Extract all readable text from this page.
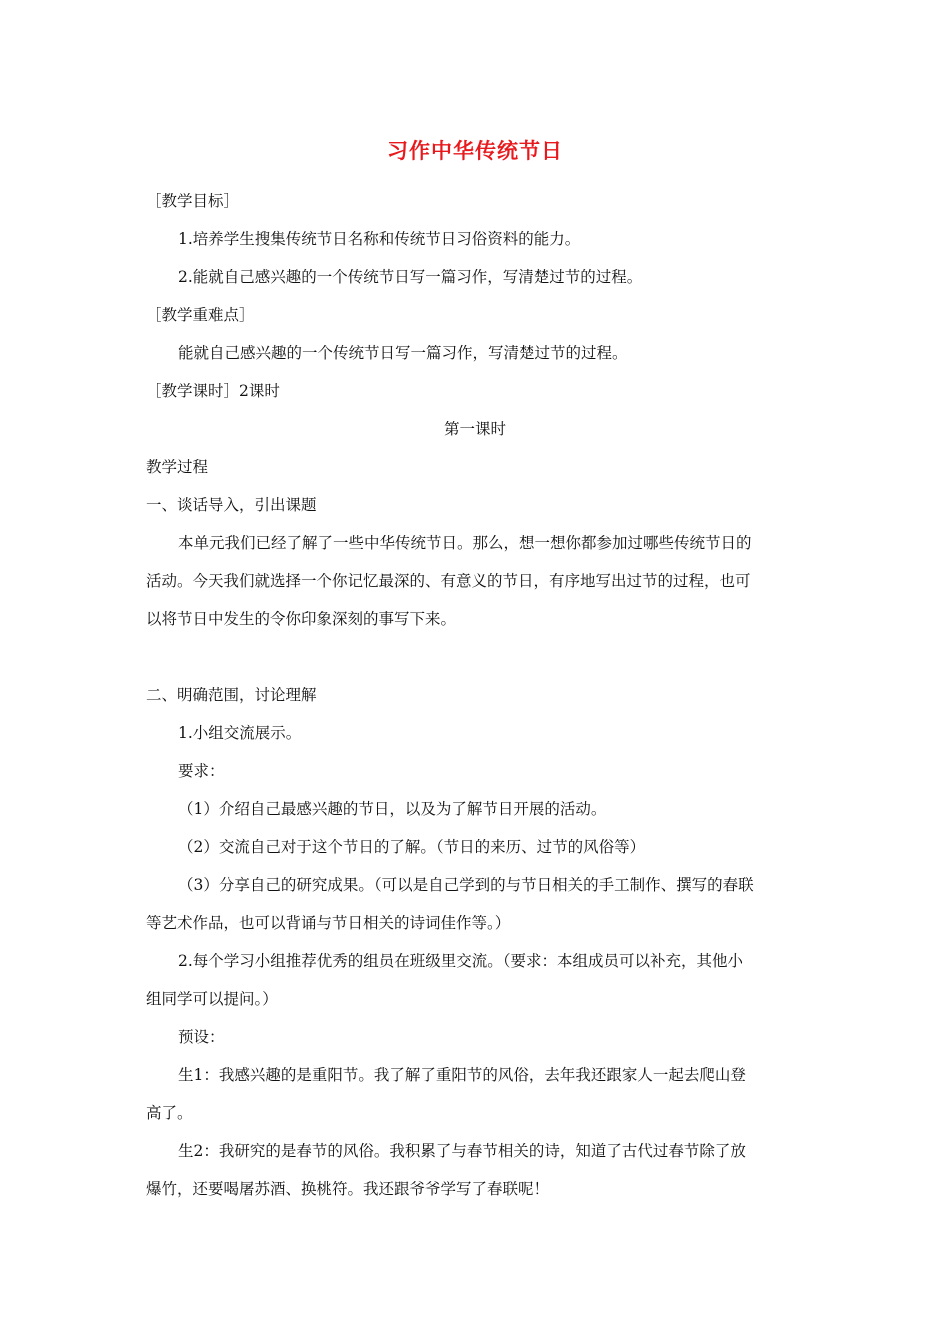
习作中华传统节日
［教学目标］
1.培养学生搜集传统节日名称和传统节日习俗资料的能力。
2.能就自己感兴趣的一个传统节日写一篇习作，写清楚过节的过程。
［教学重难点］
能就自己感兴趣的一个传统节日写一篇习作，写清楚过节的过程。
［教学课时］2课时
第一课时
教学过程
一、谈话导入，引出课题
本单元我们已经了解了一些中华传统节日。那么，想一想你都参加过哪些传统节日的
活动。今天我们就选择一个你记忆最深的、有意义的节日，有序地写出过节的过程，也可
以将节日中发生的令你印象深刻的事写下来。
二、明确范围，讨论理解
1.小组交流展示。
要求：
（1）介绍自己最感兴趣的节日，以及为了解节日开展的活动。
（2）交流自己对于这个节日的了解。（节日的来历、过节的风俗等）
（3）分享自己的研究成果。（可以是自己学到的与节日相关的手工制作、撰写的春联
等艺术作品，也可以背诵与节日相关的诗词佳作等。）
2.每个学习小组推荐优秀的组员在班级里交流。（要求：本组成员可以补充，其他小
组同学可以提问。）
预设：
生1：我感兴趣的是重阳节。我了解了重阳节的风俗，去年我还跟家人一起去爬山登
高了。
生2：我研究的是春节的风俗。我积累了与春节相关的诗，知道了古代过春节除了放
爆竹，还要喝屠苏酒、换桃符。我还跟爷爷学写了春联呢！
